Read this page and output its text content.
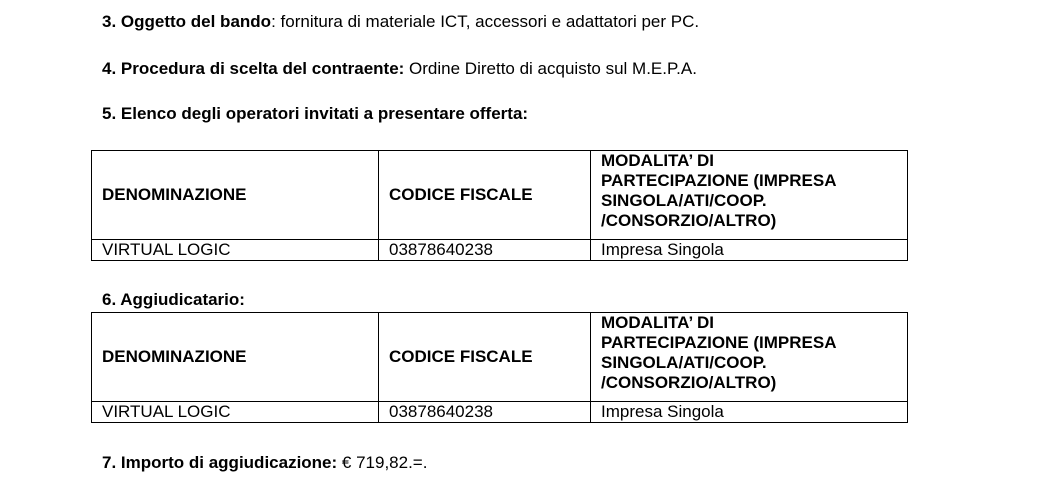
3. Oggetto del bando: fornitura di materiale ICT, accessori e adattatori per PC.
4. Procedura di scelta del contraente: Ordine Diretto di acquisto sul M.E.P.A.
5. Elenco degli operatori invitati a presentare offerta:
DENOMINAZIONE	CODICE FISCALE	MODALITA’ DI
PARTECIPAZIONE (IMPRESA
SINGOLA/ATI/COOP.
/CONSORZIO/ALTRO)

VIRTUAL LOGIC	03878640238	Impresa Singola
6. Aggiudicatario:
DENOMINAZIONE	CODICE FISCALE	MODALITA’ DI
PARTECIPAZIONE (IMPRESA
SINGOLA/ATI/COOP.
/CONSORZIO/ALTRO)

VIRTUAL LOGIC	03878640238	Impresa Singola
7. Importo di aggiudicazione: € 719,82.=.
